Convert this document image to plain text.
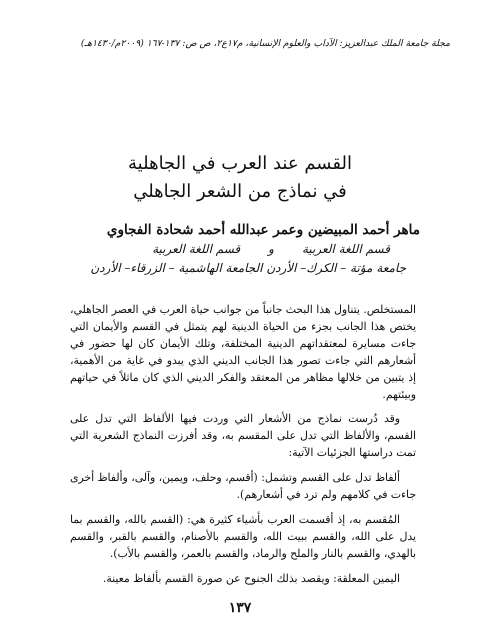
مجلة جامعة الملك عبدالعزيز: الآداب والعلوم الإنسانية، م١٧ع٢، ص ص: ١٣٧-١٦٧ (٢٠٠٩م/١٤٣٠هـ)
القسم عند العرب في الجاهلية
في نماذج من الشعر الجاهلي
ماهر أحمد المبيضين وعمر عبدالله أحمد شحادة الفجاوي
قسم اللغة العربيةوقسم اللغة العربية
جامعة مؤتة – الكرك– الأردن الجامعة الهاشمية – الزرقاء– الأردن

المستخلص. يتناول هذا البحث جانباً من جوانب حياة العرب في العصر الجاهلي، يختص هذا الجانب بجزء من الحياة الدينية لهم يتمثل في القسم والأيمان التي جاءت مسايرة لمعتقداتهم الدينية المختلفة، وتلك الأيمان كان لها حضور في أشعارهم التي جاءت تصور هذا الجانب الديني الذي يبدو في غاية من الأهمية، إذ يتبين من خلالها مظاهر من المعتقد والفكر الديني الذي كان ماثلاً في حياتهم وبيئتهم.

وقد دُرست نماذج من الأشعار التي وردت فيها الألفاظ التي تدل على القسم، والألفاظ التي تدل على المقسم به، وقد أفرزت النماذج الشعرية التي تمت دراستها الجزئيات الآتية:

ألفاظ تدل على القسم وتشمل: (أقسم، وحلف، ويمين، وآلى، وألفاظ أخرى جاءت في كلامهم ولم ترد في أشعارهم).

المُقسم به، إذ أقسمت العرب بأشياء كثيرة هي: (القسم بالله، والقسم بما يدل على الله، والقسم ببيت الله، والقسم بالأصنام، والقسم بالقبر، والقسم بالهدي، والقسم بالنار والملح والرماد، والقسم بالعمر، والقسم بالأب).

اليمين المعلقة: ويقصد بذلك الجنوح عن صورة القسم بألفاظ معينة.

١٣٧
